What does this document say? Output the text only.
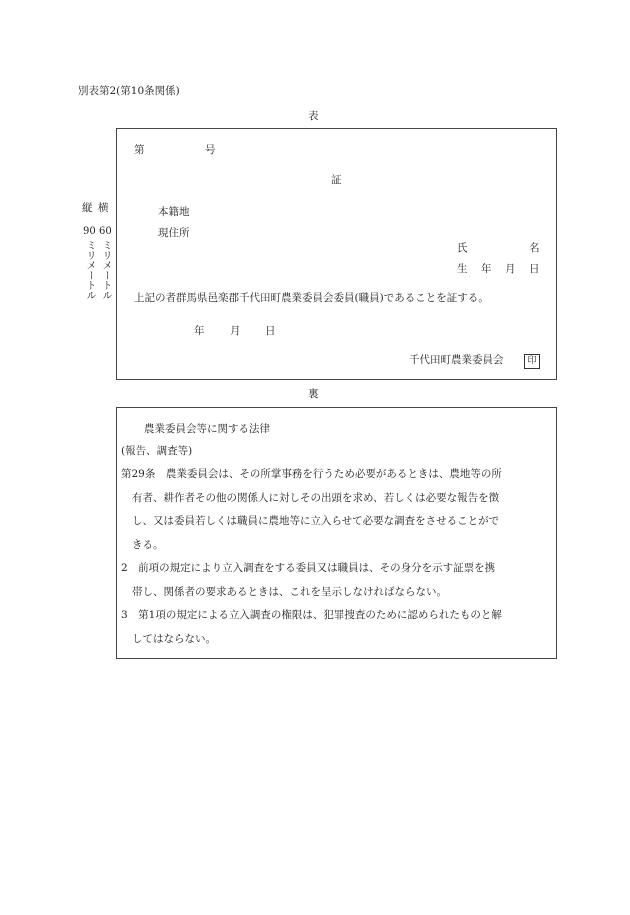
別表第2(第10条関係)
表
縦 横
90 60
ミリメートル ミリメートル
第	号
証
本籍地
現住所
氏	名
生 年 月 日
上記の者群馬県邑楽郡千代田町農業委員会委員(職員)であることを証する。
年 月 日
千代田町農業委員会	印
裏
農業委員会等に関する法律
(報告、調査等)
第29条　農業委員会は、その所掌事務を行うため必要があるときは、農地等の所
有者、耕作者その他の関係人に対しその出頭を求め、若しくは必要な報告を徴
し、又は委員若しくは職員に農地等に立入らせて必要な調査をさせることがで
きる。
2　前項の規定により立入調査をする委員又は職員は、その身分を示す証票を携
帯し、関係者の要求あるときは、これを呈示しなければならない。
3　第1項の規定による立入調査の権限は、犯罪捜査のために認められたものと解
してはならない。
